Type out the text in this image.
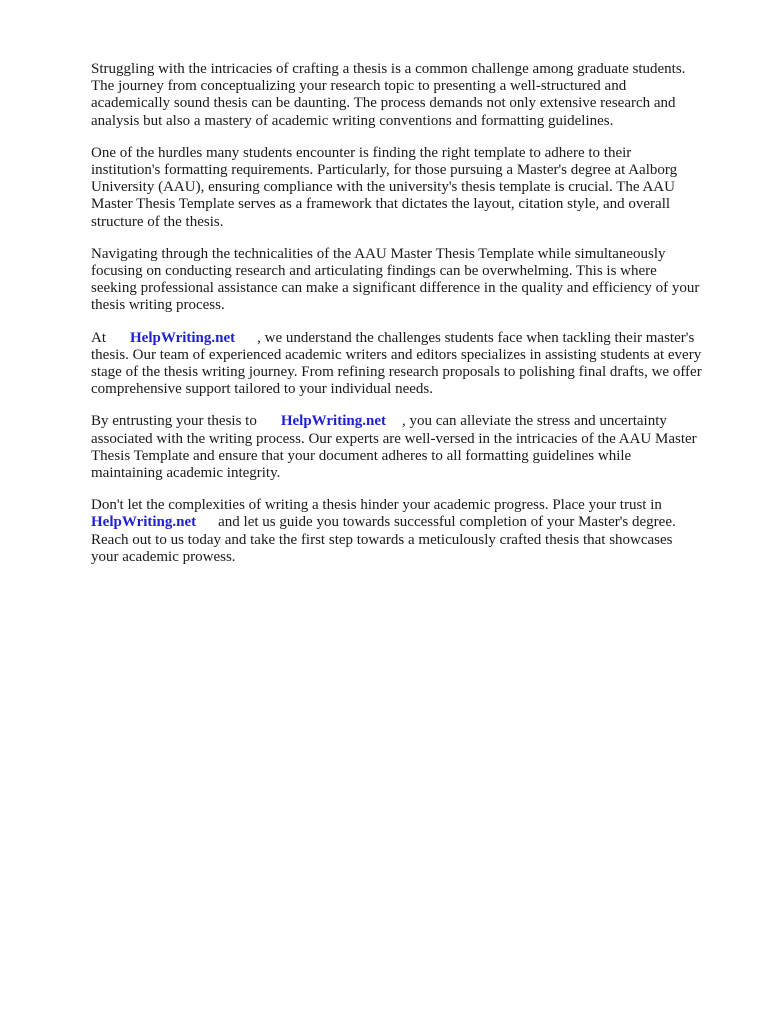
Struggling with the intricacies of crafting a thesis is a common challenge among graduate students.
The journey from conceptualizing your research topic to presenting a well-structured and
academically sound thesis can be daunting. The process demands not only extensive research and
analysis but also a mastery of academic writing conventions and formatting guidelines.

One of the hurdles many students encounter is finding the right template to adhere to their
institution's formatting requirements. Particularly, for those pursuing a Master's degree at Aalborg
University (AAU), ensuring compliance with the university's thesis template is crucial. The AAU
Master Thesis Template serves as a framework that dictates the layout, citation style, and overall
structure of the thesis.

Navigating through the technicalities of the AAU Master Thesis Template while simultaneously
focusing on conducting research and articulating findings can be overwhelming. This is where
seeking professional assistance can make a significant difference in the quality and efficiency of your
thesis writing process.

At HelpWriting.net , we understand the challenges students face when tackling their master's
thesis. Our team of experienced academic writers and editors specializes in assisting students at every
stage of the thesis writing journey. From refining research proposals to polishing final drafts, we offer
comprehensive support tailored to your individual needs.

By entrusting your thesis to HelpWriting.net , you can alleviate the stress and uncertainty
associated with the writing process. Our experts are well-versed in the intricacies of the AAU Master
Thesis Template and ensure that your document adheres to all formatting guidelines while
maintaining academic integrity.

Don't let the complexities of writing a thesis hinder your academic progress. Place your trust in
HelpWriting.net and let us guide you towards successful completion of your Master's degree.
Reach out to us today and take the first step towards a meticulously crafted thesis that showcases
your academic prowess.
